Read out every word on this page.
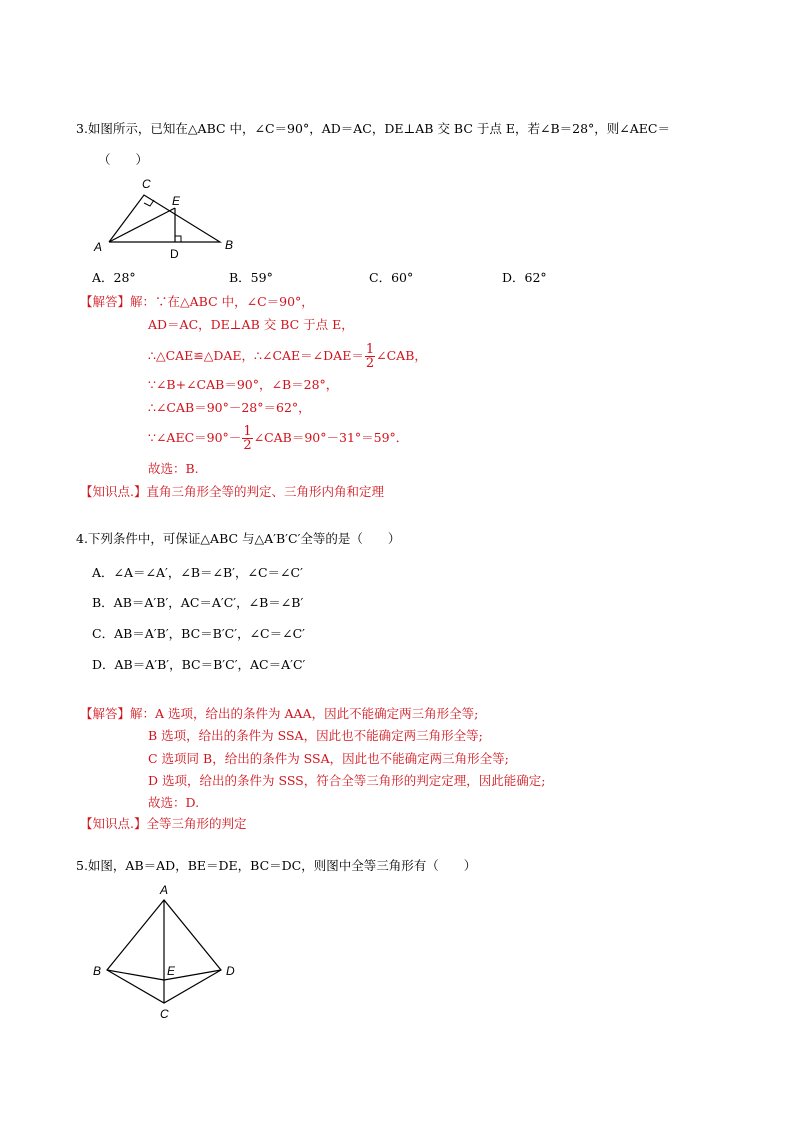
3.如图所示，已知在△ABC 中，∠C＝90°，AD＝AC，DE⊥AB 交 BC 于点 E，若∠B＝28°，则∠AEC＝
（　　）
C
E
A	D
B
A．28°	B．59°	C．60°	D．62°
【解答】解：∵在△ABC 中，∠C＝90°，
AD＝AC，DE⊥AB 交 BC 于点 E，
∴△CAE≌△DAE，∴∠CAE＝∠DAE＝ $\frac{1}{2}$ ∠CAB，
∵∠B+∠CAB＝90°，∠B＝28°，
∴∠CAB＝90°－28°＝62°，
∵∠AEC＝90°－ $\frac{1}{2}$ ∠CAB＝90°－31°＝59°．
故选：B.
【知识点.】直角三角形全等的判定、三角形内角和定理
4.下列条件中，可保证△ABC 与△A′B′C′全等的是（　　）
A．∠A＝∠A′，∠B＝∠B′，∠C＝∠C′
B．AB＝A′B′，AC＝A′C′，∠B＝∠B′
C．AB＝A′B′，BC＝B′C′，∠C＝∠C′
D．AB＝A′B′，BC＝B′C′，AC＝A′C′
【解答】解：A 选项，给出的条件为 AAA，因此不能确定两三角形全等;
B 选项，给出的条件为 SSA，因此也不能确定两三角形全等;
C 选项同 B，给出的条件为 SSA，因此也不能确定两三角形全等;
D 选项，给出的条件为 SSS，符合全等三角形的判定定理，因此能确定;
故选：D.
【知识点.】全等三角形的判定
5.如图，AB＝AD，BE＝DE，BC＝DC，则图中全等三角形有（　　）
A
B	E	D
C
